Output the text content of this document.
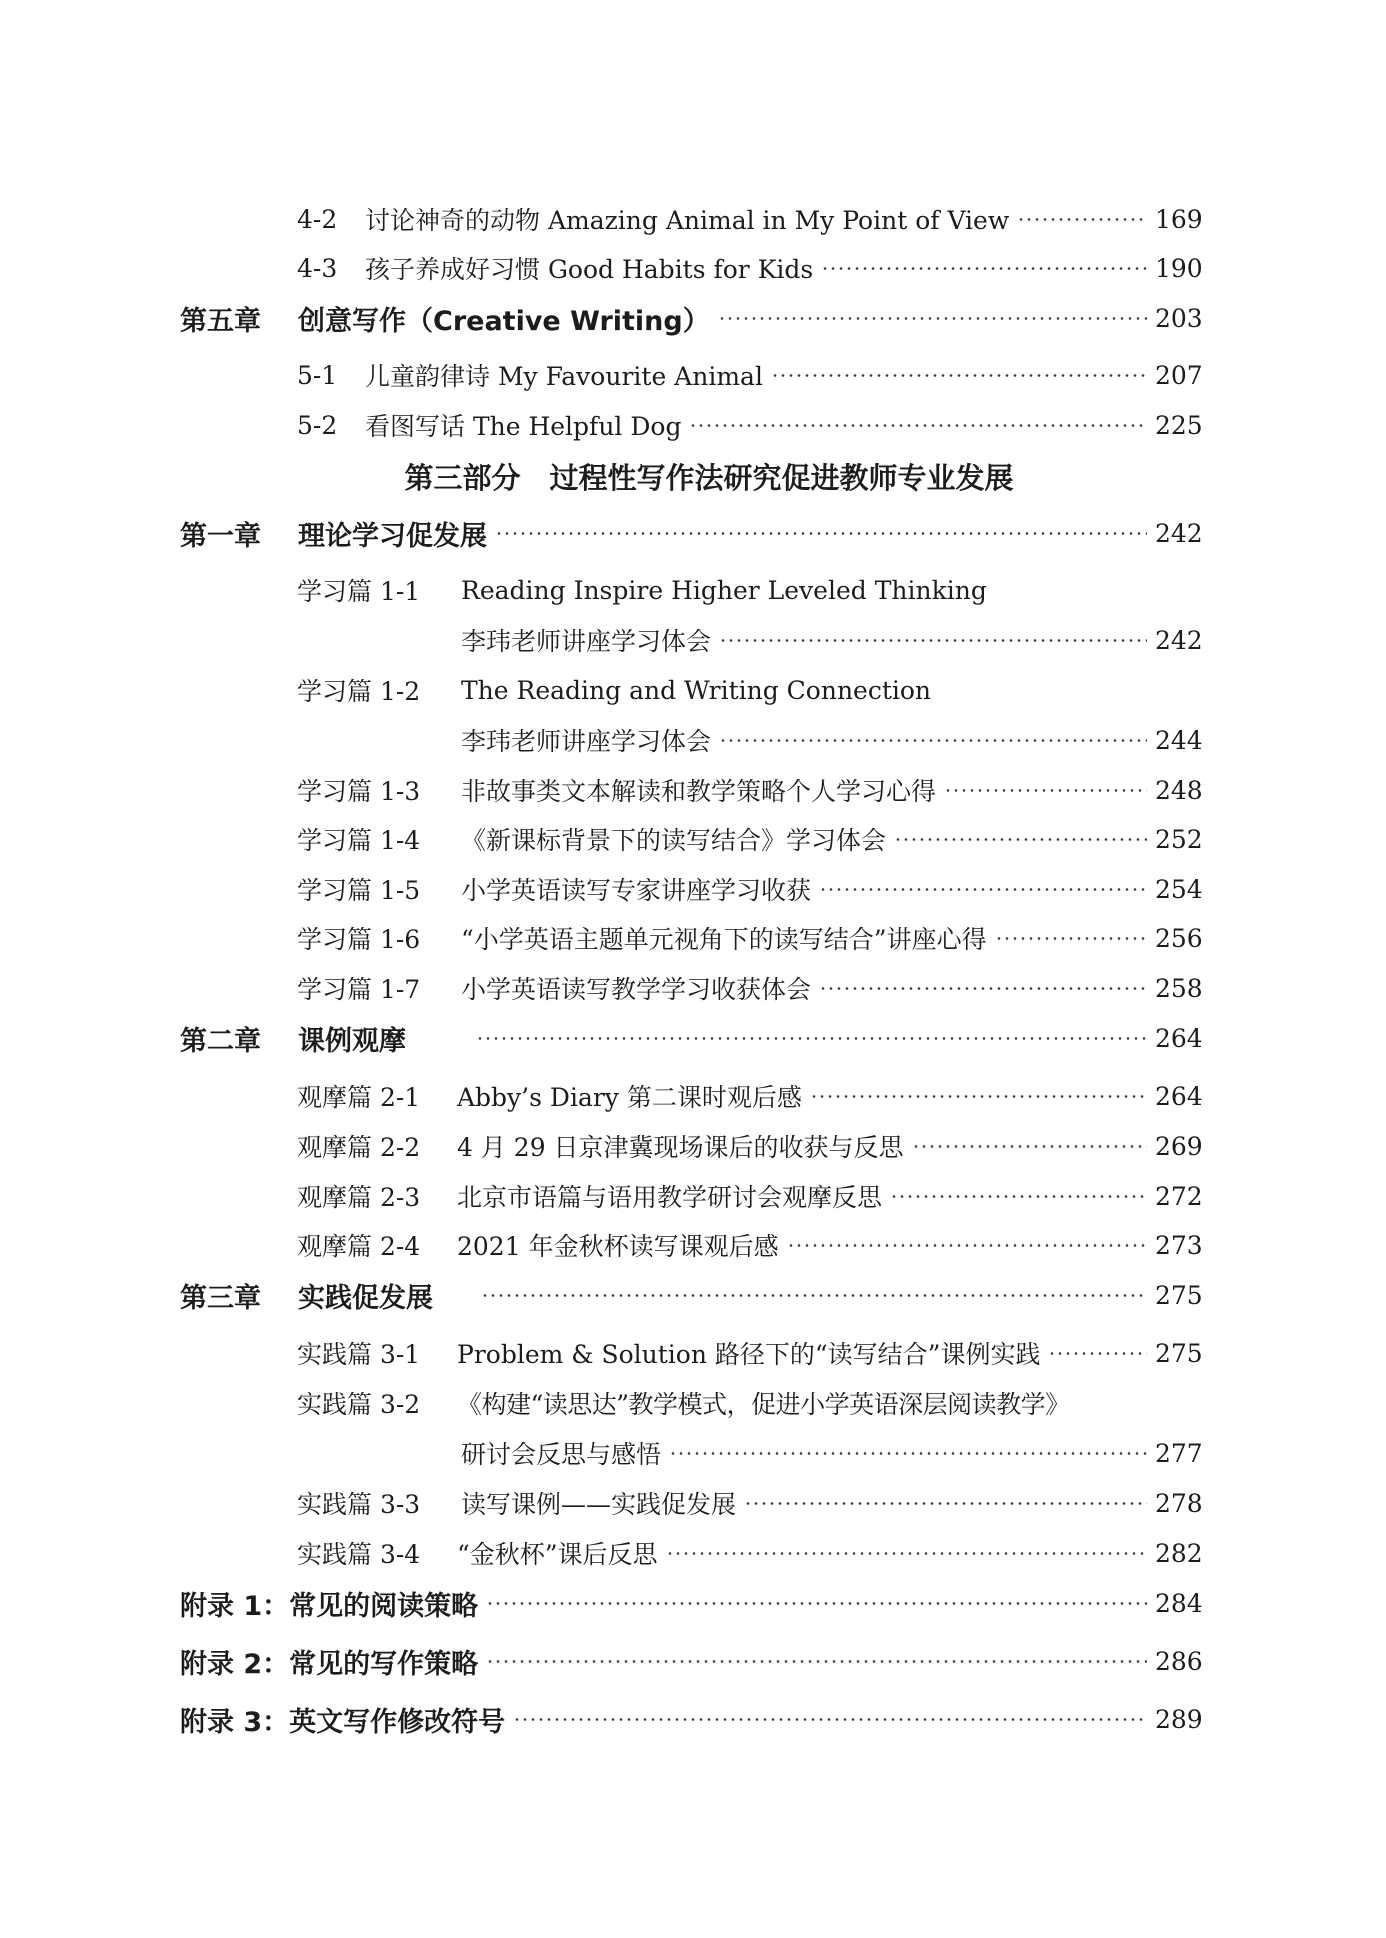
4-2	讨论神奇的动物 Amazing Animal in My Point of View	169
4-3	孩子养成好习惯 Good Habits for Kids	190
第五章	创意写作（Creative Writing）	203
5-1	儿童韵律诗 My Favourite Animal	207
5-2	看图写话 The Helpful Dog	225
第三部分　过程性写作法研究促进教师专业发展
第一章	理论学习促发展	242
学习篇 1-1	Reading Inspire Higher Leveled Thinking
李玮老师讲座学习体会	242
学习篇 1-2	The Reading and Writing Connection
李玮老师讲座学习体会	244
学习篇 1-3	非故事类文本解读和教学策略个人学习心得	248
学习篇 1-4	《新课标背景下的读写结合》学习体会	252
学习篇 1-5	小学英语读写专家讲座学习收获	254
学习篇 1-6	“小学英语主题单元视角下的读写结合”讲座心得	256
学习篇 1-7	小学英语读写教学学习收获体会	258
第二章	课例观摩	264
观摩篇 2-1	Abby’s Diary 第二课时观后感	264
观摩篇 2-2	4 月 29 日京津冀现场课后的收获与反思	269
观摩篇 2-3	北京市语篇与语用教学研讨会观摩反思	272
观摩篇 2-4	2021 年金秋杯读写课观后感	273
第三章	实践促发展	275
实践篇 3-1	Problem & Solution 路径下的“读写结合”课例实践	275
实践篇 3-2	《构建“读思达”教学模式，促进小学英语深层阅读教学》
研讨会反思与感悟	277
实践篇 3-3	读写课例——实践促发展	278
实践篇 3-4	“金秋杯”课后反思	282
附录 1：常见的阅读策略	284
附录 2：常见的写作策略	286
附录 3：英文写作修改符号	289
